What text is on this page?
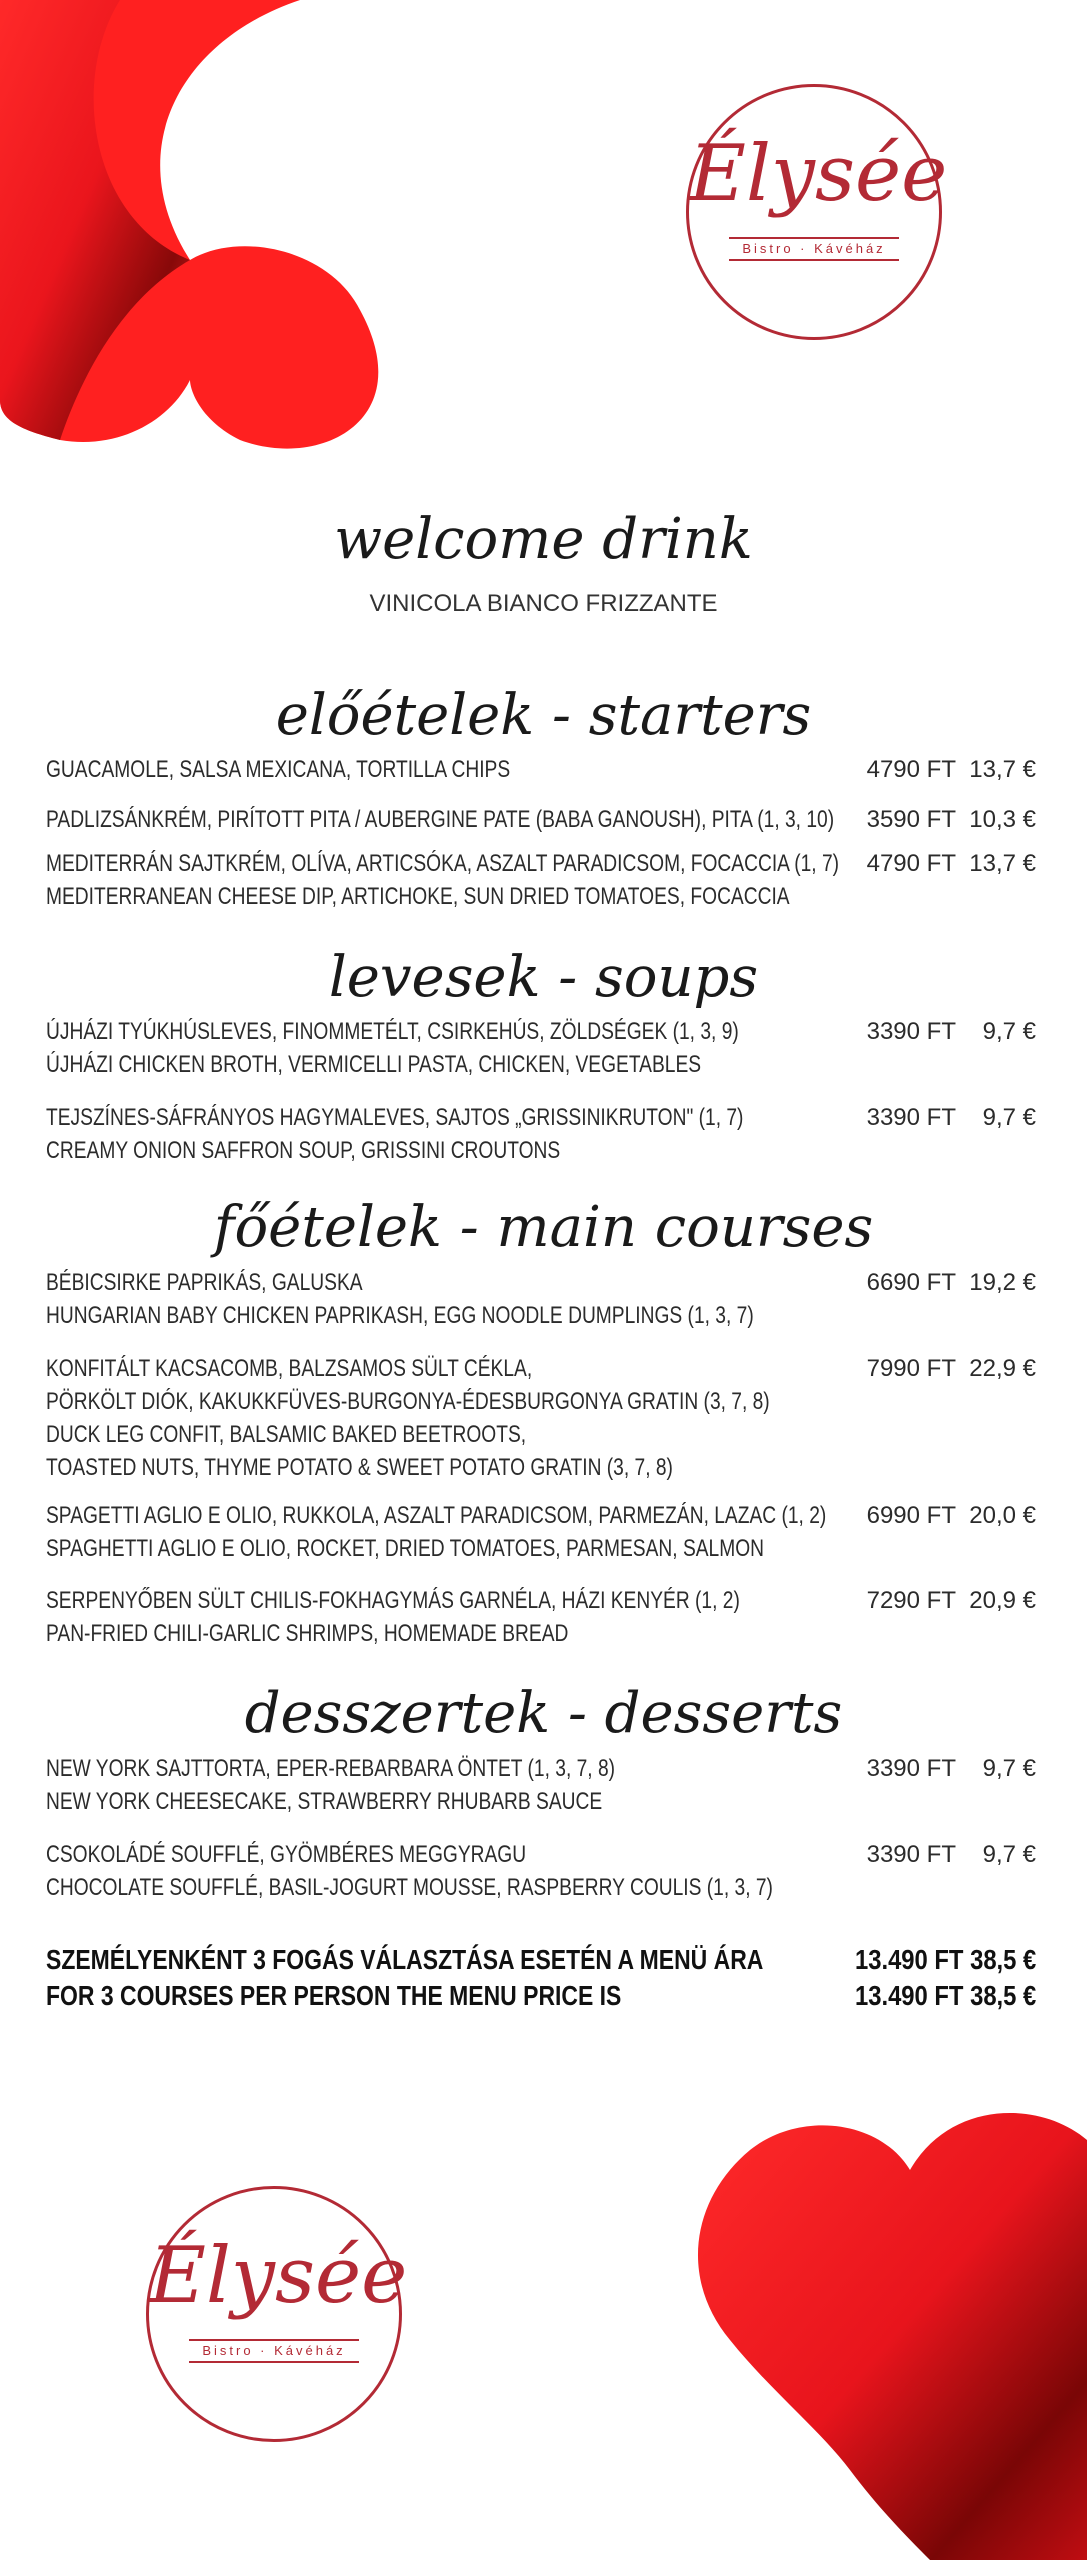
Élysée
Bistro · Kávéház
Élysée
Bistro · Kávéház
welcome drink
VINICOLA BIANCO FRIZZANTE
előételek - starters
GUACAMOLE, SALSA MEXICANA, TORTILLA CHIPS	4790 FT 13,7 €
PADLIZSÁNKRÉM, PIRÍTOTT PITA / AUBERGINE PATE (BABA GANOUSH), PITA (1, 3, 10) 3590 FT 10,3 €
MEDITERRÁN SAJTKRÉM, OLÍVA, ARTICSÓKA, ASZALT PARADICSOM, FOCACCIA (1, 7)
MEDITERRANEAN CHEESE DIP, ARTICHOKE, SUN DRIED TOMATOES, FOCACCIA
4790 FT 13,7 €
levesek - soups
ÚJHÁZI TYÚKHÚSLEVES, FINOMMETÉLT, CSIRKEHÚS, ZÖLDSÉGEK (1, 3, 9)
ÚJHÁZI CHICKEN BROTH, VERMICELLI PASTA, CHICKEN, VEGETABLES
3390 FT	9,7 €
TEJSZÍNES-SÁFRÁNYOS HAGYMALEVES, SAJTOS „GRISSINIKRUTON" (1, 7)
CREAMY ONION SAFFRON SOUP, GRISSINI CROUTONS
3390 FT	9,7 €
főételek - main courses
BÉBICSIRKE PAPRIKÁS, GALUSKA
HUNGARIAN BABY CHICKEN PAPRIKASH, EGG NOODLE DUMPLINGS (1, 3, 7)
6690 FT 19,2 €
KONFITÁLT KACSACOMB, BALZSAMOS SÜLT CÉKLA,
PÖRKÖLT DIÓK, KAKUKKFÜVES-BURGONYA-ÉDESBURGONYA GRATIN (3, 7, 8)
DUCK LEG CONFIT, BALSAMIC BAKED BEETROOTS,
TOASTED NUTS, THYME POTATO & SWEET POTATO GRATIN (3, 7, 8)
7990 FT 22,9 €
SPAGETTI AGLIO E OLIO, RUKKOLA, ASZALT PARADICSOM, PARMEZÁN, LAZAC (1, 2)
SPAGHETTI AGLIO E OLIO, ROCKET, DRIED TOMATOES, PARMESAN, SALMON
6990 FT 20,0 €
SERPENYŐBEN SÜLT CHILIS-FOKHAGYMÁS GARNÉLA, HÁZI KENYÉR (1, 2)
PAN-FRIED CHILI-GARLIC SHRIMPS, HOMEMADE BREAD
7290 FT 20,9 €
desszertek - desserts
NEW YORK SAJTTORTA, EPER-REBARBARA ÖNTET (1, 3, 7, 8)
NEW YORK CHEESECAKE, STRAWBERRY RHUBARB SAUCE
3390 FT	9,7 €
CSOKOLÁDÉ SOUFFLÉ, GYÖMBÉRES MEGGYRAGU
CHOCOLATE SOUFFLÉ, BASIL-JOGURT MOUSSE, RASPBERRY COULIS (1, 3, 7)
3390 FT	9,7 €
SZEMÉLYENKÉNT 3 FOGÁS VÁLASZTÁSA ESETÉN A MENÜ ÁRA	13.490 FT 38,5 €
FOR 3 COURSES PER PERSON THE MENU PRICE IS	13.490 FT 38,5 €
